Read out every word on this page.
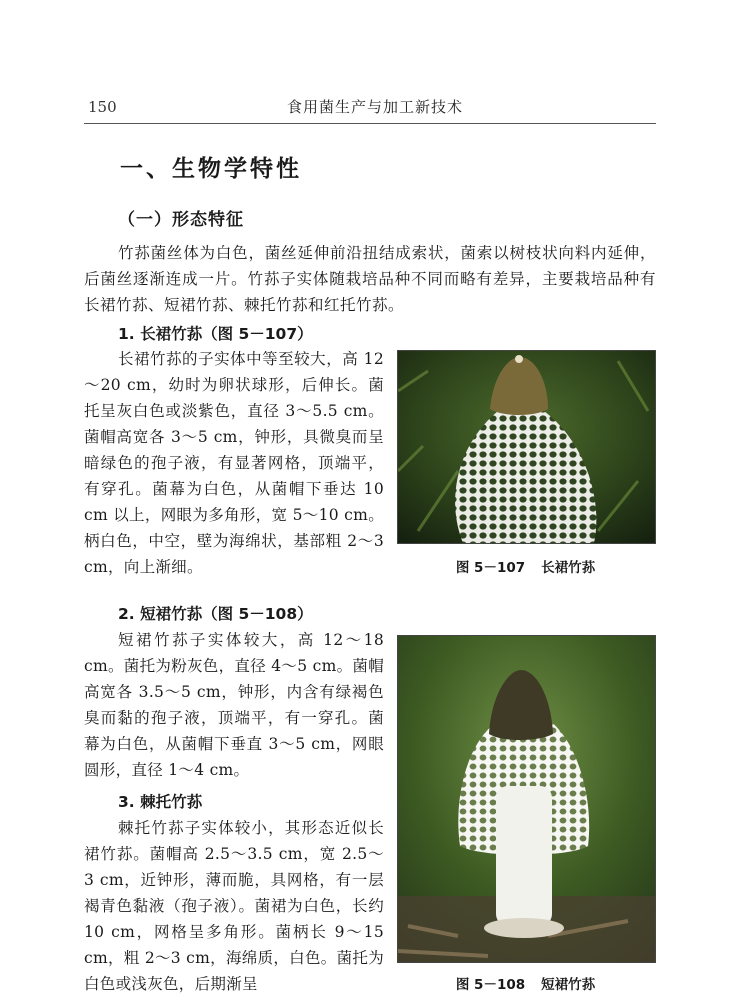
150	食用菌生产与加工新技术
一、生物学特性
（一）形态特征
竹荪菌丝体为白色，菌丝延伸前沿扭结成索状，菌索以树枝状向料内延伸，后菌丝逐渐连成一片。竹荪子实体随栽培品种不同而略有差异，主要栽培品种有长裙竹荪、短裙竹荪、棘托竹荪和红托竹荪。
1. 长裙竹荪（图 5－107）
长裙竹荪的子实体中等至较大，高 12～20 cm，幼时为卵状球形，后伸长。菌托呈灰白色或淡紫色，直径 3～5.5 cm。菌帽高宽各 3～5 cm，钟形，具微臭而呈暗绿色的孢子液，有显著网格，顶端平，有穿孔。菌幕为白色，从菌帽下垂达 10 cm 以上，网眼为多角形，宽 5～10 cm。柄白色，中空，壁为海绵状，基部粗 2～3 cm，向上渐细。	图 5－107 长裙竹荪
2. 短裙竹荪（图 5－108）
短裙竹荪子实体较大，高 12～18 cm。菌托为粉灰色，直径 4～5 cm。菌帽高宽各 3.5～5 cm，钟形，内含有绿褐色臭而黏的孢子液，顶端平，有一穿孔。菌幕为白色，从菌帽下垂直 3～5 cm，网眼圆形，直径 1～4 cm。
图 5－108 短裙竹荪
3. 棘托竹荪
棘托竹荪子实体较小，其形态近似长裙竹荪。菌帽高 2.5～3.5 cm，宽 2.5～3 cm，近钟形，薄而脆，具网格，有一层褐青色黏液（孢子液）。菌裙为白色，长约 10 cm，网格呈多角形。菌柄长 9～15 cm，粗 2～3 cm，海绵质，白色。菌托为白色或浅灰色，后期渐呈
